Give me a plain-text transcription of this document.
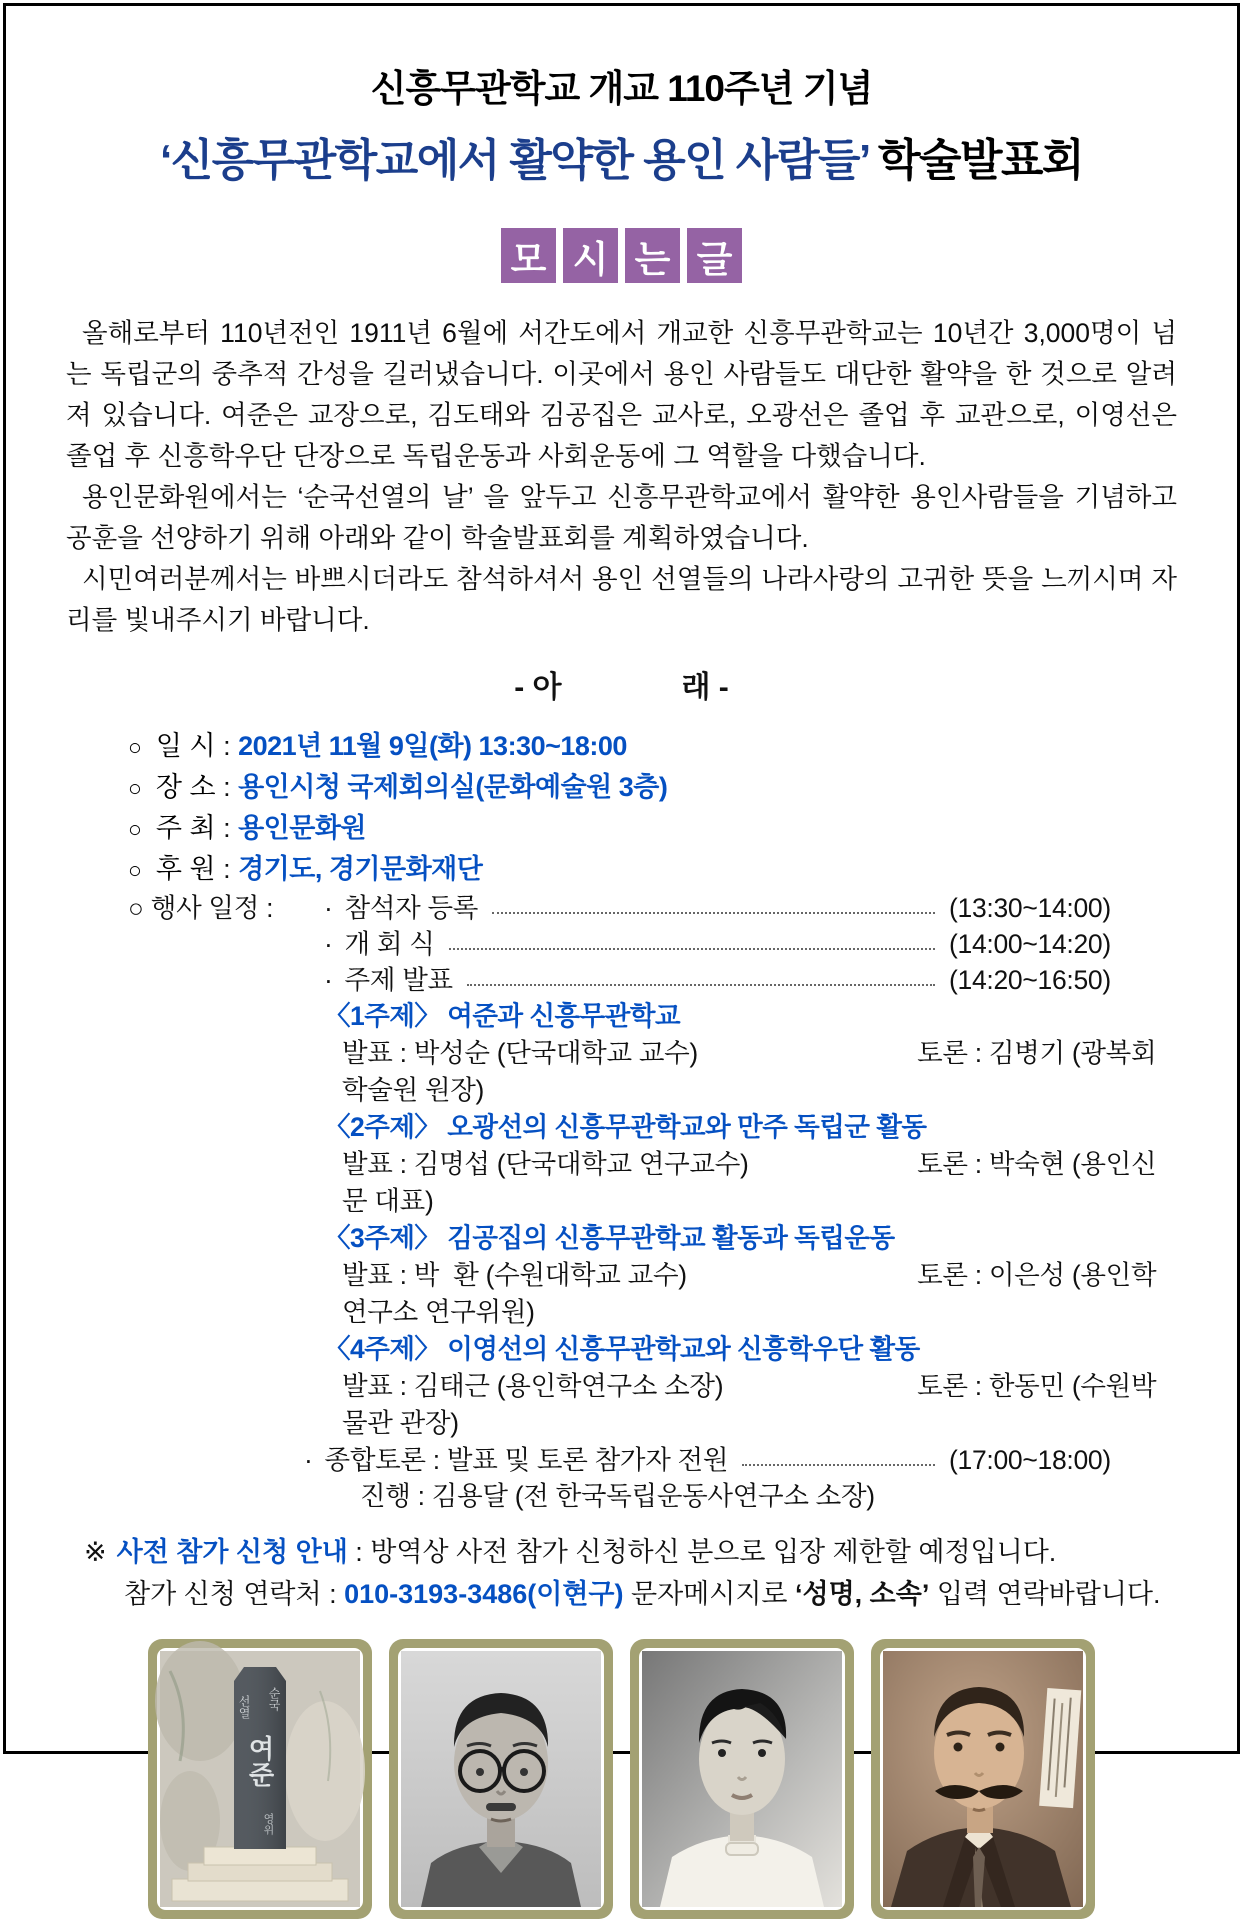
신흥무관학교 개교 110주년 기념
‘신흥무관학교에서 활약한 용인 사람들’ 학술발표회
모 시 는 글

올해로부터 110년전인 1911년 6월에 서간도에서 개교한 신흥무관학교는 10년간 3,000명이 넘는 독립군의 중추적 간성을 길러냈습니다. 이곳에서 용인 사람들도 대단한 활약을 한 것으로 알려져 있습니다. 여준은 교장으로, 김도태와 김공집은 교사로, 오광선은 졸업 후 교관으로, 이영선은 졸업 후 신흥학우단 단장으로 독립운동과 사회운동에 그 역할을 다했습니다.

용인문화원에서는 ‘순국선열의 날’ 을 앞두고 신흥무관학교에서 활약한 용인사람들을 기념하고 공훈을 선양하기 위해 아래와 같이 학술발표회를 계획하였습니다.

시민여러분께서는 바쁘시더라도 참석하셔서 용인 선열들의 나라사랑의 고귀한 뜻을 느끼시며 자리를 빛내주시기 바랍니다.

- 아　　　　래 -
○ 일 시 : 2021년 11월 9일(화) 13:30~18:00
○ 장 소 : 용인시청 국제회의실(문화예술원 3층)
○ 주 최 : 용인문화원
○ 후 원 : 경기도, 경기문화재단
○ 행사 일정 :	· 참석자 등록	(13:30~14:00)
· 개 회 식	(14:00~14:20)
· 주제 발표	(14:20~16:50)
〈1주제〉 여준과 신흥무관학교
발표 : 박성순 (단국대학교 교수)	토론 : 김병기 (광복회 학술원 원장)
〈2주제〉 오광선의 신흥무관학교와 만주 독립군 활동
발표 : 김명섭 (단국대학교 연구교수)	토론 : 박숙현 (용인신문 대표)
〈3주제〉 김공집의 신흥무관학교 활동과 독립운동
발표 : 박  환 (수원대학교 교수)	토론 : 이은성 (용인학연구소 연구위원)
〈4주제〉 이영선의 신흥무관학교와 신흥학우단 활동
발표 : 김태근 (용인학연구소 소장)	토론 : 한동민 (수원박물관 관장)
· 종합토론 : 발표 및 토론 참가자 전원	(17:00~18:00)
진행 : 김용달 (전 한국독립운동사연구소 소장)
※ 사전 참가 신청 안내 : 방역상 사전 참가 신청하신 분으로 입장 제한할 예정입니다.
참가 신청 연락처 : 010-3193-3486(이현구) 문자메시지로 ‘성명, 소속’ 입력 연락바랍니다.
순국
선열
여준
영위
